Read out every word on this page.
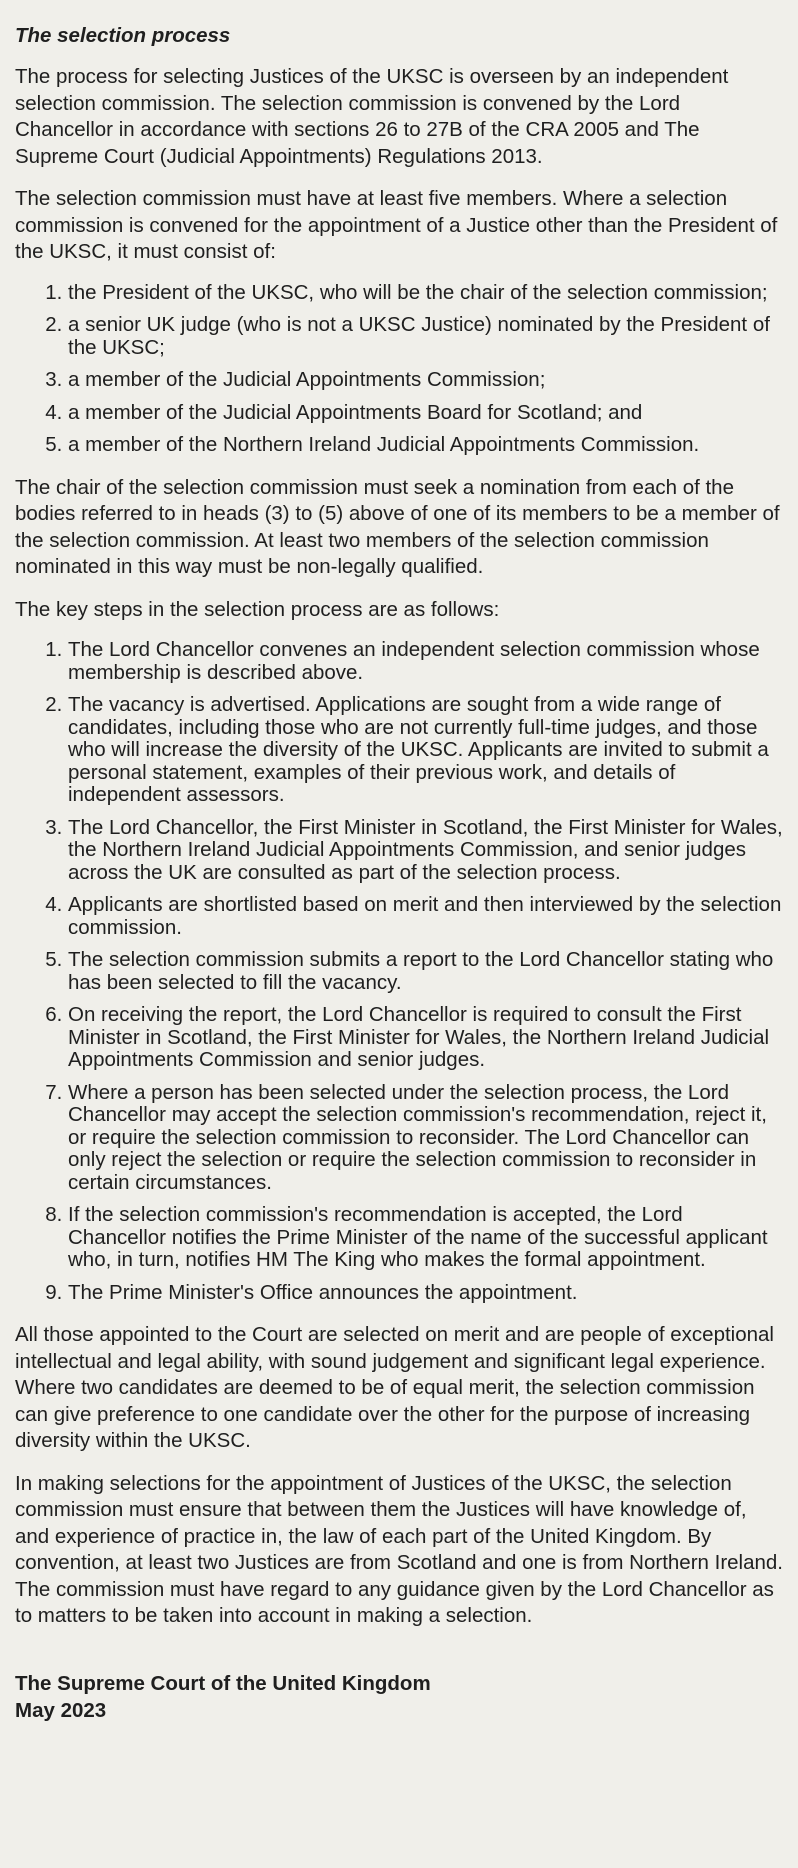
The selection process

The process for selecting Justices of the UKSC is overseen by an independent selection commission. The selection commission is convened by the Lord Chancellor in accordance with sections 26 to 27B of the CRA 2005 and The Supreme Court (Judicial Appointments) Regulations 2013.

The selection commission must have at least five members. Where a selection commission is convened for the appointment of a Justice other than the President of the UKSC, it must consist of:

1. the President of the UKSC, who will be the chair of the selection commission;
2. a senior UK judge (who is not a UKSC Justice) nominated by the President of the UKSC;
3. a member of the Judicial Appointments Commission;
4. a member of the Judicial Appointments Board for Scotland; and
5. a member of the Northern Ireland Judicial Appointments Commission.

The chair of the selection commission must seek a nomination from each of the bodies referred to in heads (3) to (5) above of one of its members to be a member of the selection commission. At least two members of the selection commission nominated in this way must be non-legally qualified.

The key steps in the selection process are as follows:

1. The Lord Chancellor convenes an independent selection commission whose membership is described above.
2. The vacancy is advertised. Applications are sought from a wide range of candidates, including those who are not currently full-time judges, and those who will increase the diversity of the UKSC. Applicants are invited to submit a personal statement, examples of their previous work, and details of independent assessors.
3. The Lord Chancellor, the First Minister in Scotland, the First Minister for Wales, the Northern Ireland Judicial Appointments Commission, and senior judges across the UK are consulted as part of the selection process.
4. Applicants are shortlisted based on merit and then interviewed by the selection commission.
5. The selection commission submits a report to the Lord Chancellor stating who has been selected to fill the vacancy.
6. On receiving the report, the Lord Chancellor is required to consult the First Minister in Scotland, the First Minister for Wales, the Northern Ireland Judicial Appointments Commission and senior judges.
7. Where a person has been selected under the selection process, the Lord Chancellor may accept the selection commission's recommendation, reject it, or require the selection commission to reconsider. The Lord Chancellor can only reject the selection or require the selection commission to reconsider in certain circumstances.
8. If the selection commission's recommendation is accepted, the Lord Chancellor notifies the Prime Minister of the name of the successful applicant who, in turn, notifies HM The King who makes the formal appointment.
9. The Prime Minister's Office announces the appointment.

All those appointed to the Court are selected on merit and are people of exceptional intellectual and legal ability, with sound judgement and significant legal experience. Where two candidates are deemed to be of equal merit, the selection commission can give preference to one candidate over the other for the purpose of increasing diversity within the UKSC.

In making selections for the appointment of Justices of the UKSC, the selection commission must ensure that between them the Justices will have knowledge of, and experience of practice in, the law of each part of the United Kingdom. By convention, at least two Justices are from Scotland and one is from Northern Ireland. The commission must have regard to any guidance given by the Lord Chancellor as to matters to be taken into account in making a selection.

The Supreme Court of the United Kingdom
May 2023
